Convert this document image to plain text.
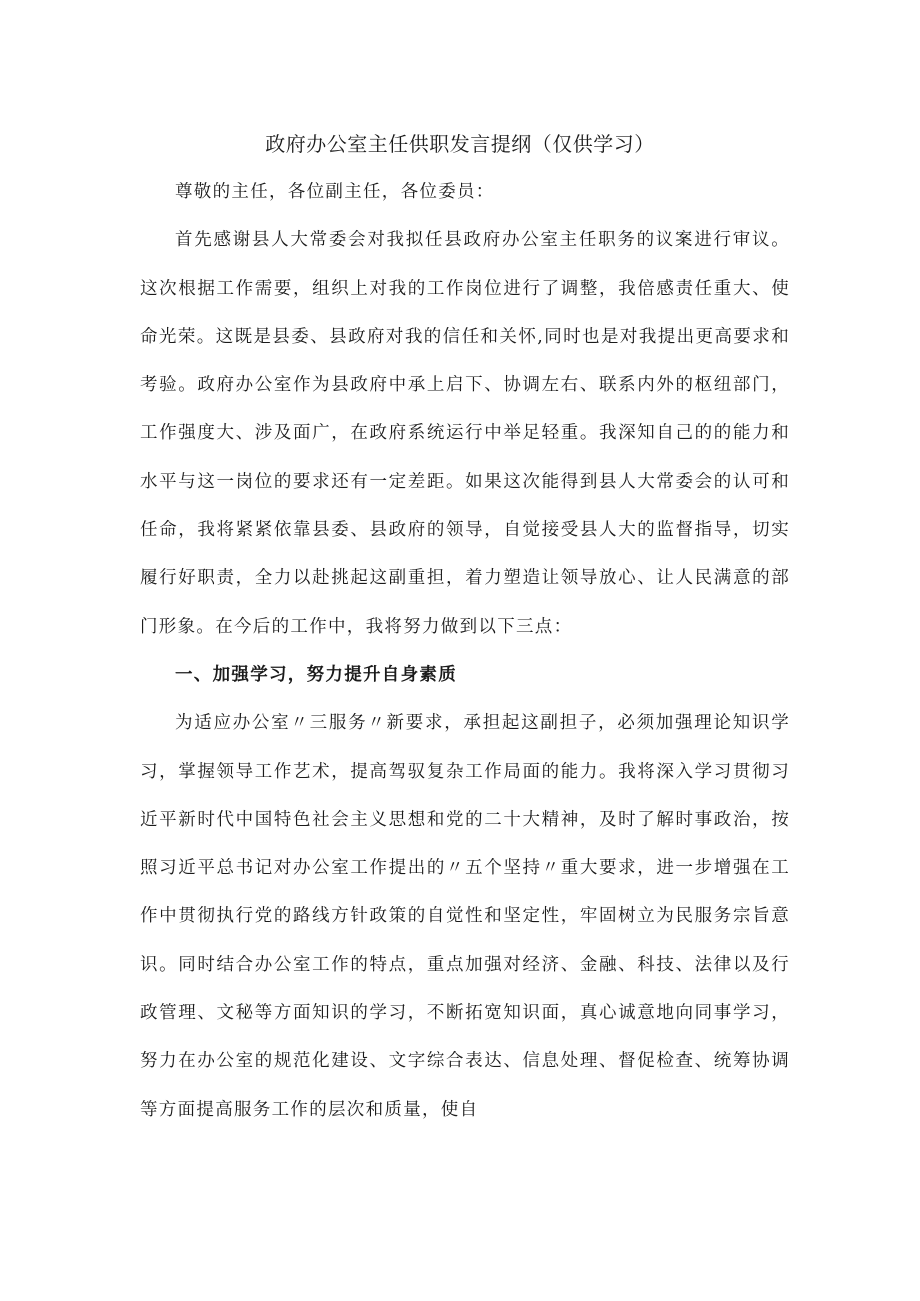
政府办公室主任供职发言提纲（仅供学习）

尊敬的主任，各位副主任，各位委员：

首先感谢县人大常委会对我拟任县政府办公室主任职务的议案进行审议。这次根据工作需要，组织上对我的工作岗位进行了调整，我倍感责任重大、使命光荣。这既是县委、县政府对我的信任和关怀,同时也是对我提出更高要求和考验。政府办公室作为县政府中承上启下、协调左右、联系内外的枢纽部门，工作强度大、涉及面广，在政府系统运行中举足轻重。我深知自己的的能力和水平与这一岗位的要求还有一定差距。如果这次能得到县人大常委会的认可和任命，我将紧紧依靠县委、县政府的领导，自觉接受县人大的监督指导，切实履行好职责，全力以赴挑起这副重担，着力塑造让领导放心、让人民满意的部门形象。在今后的工作中，我将努力做到以下三点：

一、加强学习，努力提升自身素质

为适应办公室〃三服务〃新要求，承担起这副担子，必须加强理论知识学习，掌握领导工作艺术，提高驾驭复杂工作局面的能力。我将深入学习贯彻习近平新时代中国特色社会主义思想和党的二十大精神，及时了解时事政治，按照习近平总书记对办公室工作提出的〃五个坚持〃重大要求，进一步增强在工作中贯彻执行党的路线方针政策的自觉性和坚定性，牢固树立为民服务宗旨意识。同时结合办公室工作的特点，重点加强对经济、金融、科技、法律以及行政管理、文秘等方面知识的学习，不断拓宽知识面，真心诚意地向同事学习，努力在办公室的规范化建设、文字综合表达、信息处理、督促检查、统筹协调等方面提高服务工作的层次和质量，使自
